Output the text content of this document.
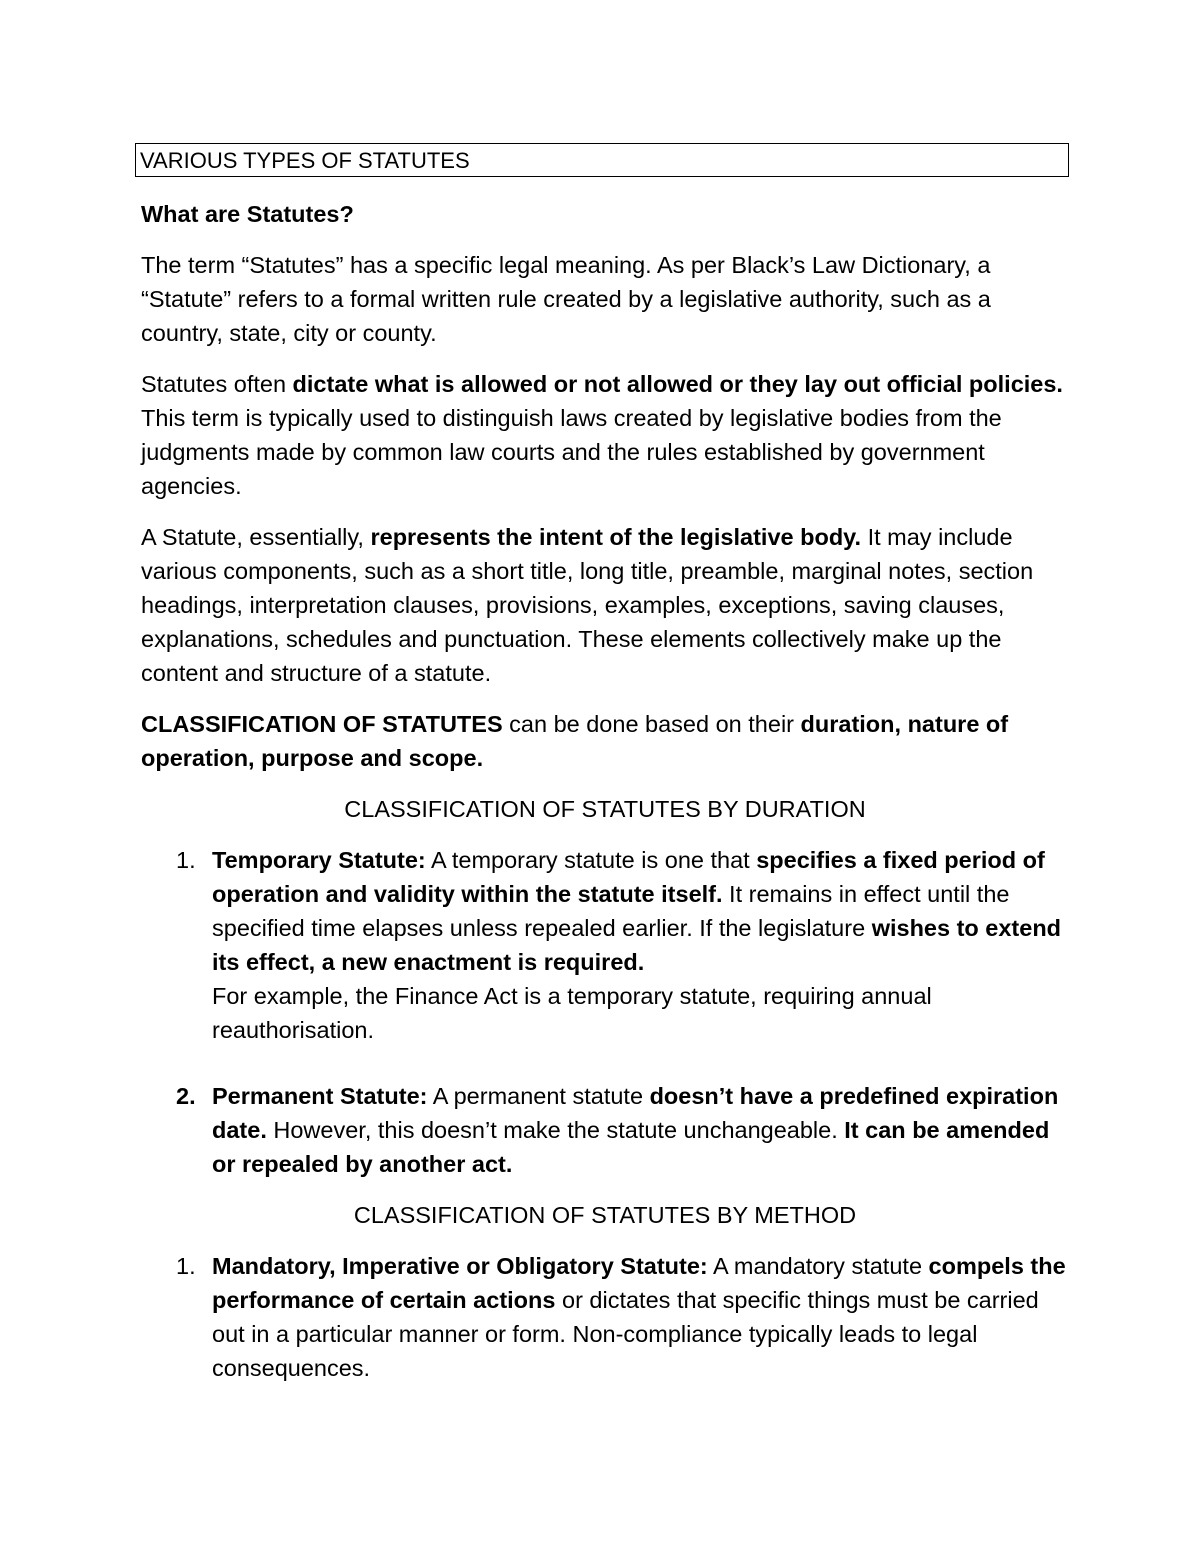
VARIOUS TYPES OF STATUTES

What are Statutes?

The term “Statutes” has a specific legal meaning. As per Black’s Law Dictionary, a “Statute” refers to a formal written rule created by a legislative authority, such as a country, state, city or county.

Statutes often dictate what is allowed or not allowed or they lay out official policies. This term is typically used to distinguish laws created by legislative bodies from the judgments made by common law courts and the rules established by government agencies.

A Statute, essentially, represents the intent of the legislative body. It may include various components, such as a short title, long title, preamble, marginal notes, section headings, interpretation clauses, provisions, examples, exceptions, saving clauses, explanations, schedules and punctuation. These elements collectively make up the content and structure of a statute.

CLASSIFICATION OF STATUTES can be done based on their duration, nature of operation, purpose and scope.

CLASSIFICATION OF STATUTES BY DURATION

1. Temporary Statute: A temporary statute is one that specifies a fixed period of operation and validity within the statute itself. It remains in effect until the specified time elapses unless repealed earlier. If the legislature wishes to extend its effect, a new enactment is required.
For example, the Finance Act is a temporary statute, requiring annual reauthorisation.
2. Permanent Statute: A permanent statute doesn’t have a predefined expiration date. However, this doesn’t make the statute unchangeable. It can be amended or repealed by another act.

CLASSIFICATION OF STATUTES BY METHOD

1. Mandatory, Imperative or Obligatory Statute: A mandatory statute compels the performance of certain actions or dictates that specific things must be carried out in a particular manner or form. Non-compliance typically leads to legal consequences.
